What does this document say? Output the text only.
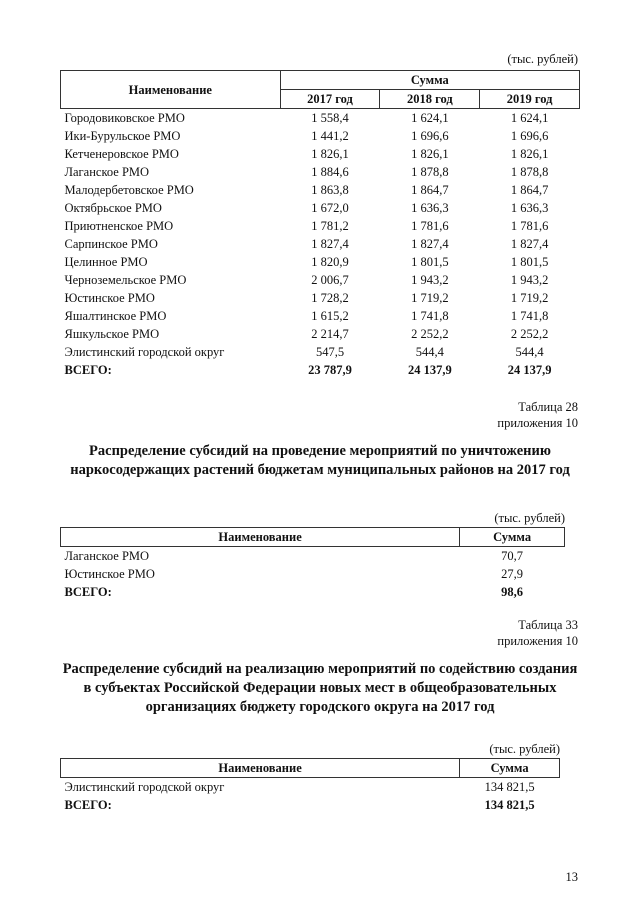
(тыс. рублей)
Наименование	Сумма		
	2017 год	2018 год	2019 год
Городовиковское РМО	1 558,4	1 624,1	1 624,1
Ики-Бурульское РМО	1 441,2	1 696,6	1 696,6
Кетченеровское РМО	1 826,1	1 826,1	1 826,1
Лаганское РМО	1 884,6	1 878,8	1 878,8
Малодербетовское РМО	1 863,8	1 864,7	1 864,7
Октябрьское РМО	1 672,0	1 636,3	1 636,3
Приютненское РМО	1 781,2	1 781,6	1 781,6
Сарпинское РМО	1 827,4	1 827,4	1 827,4
Целинное РМО	1 820,9	1 801,5	1 801,5
Черноземельское РМО	2 006,7	1 943,2	1 943,2
Юстинское РМО	1 728,2	1 719,2	1 719,2
Яшалтинское РМО	1 615,2	1 741,8	1 741,8
Яшкульское РМО	2 214,7	2 252,2	2 252,2
Элистинский городской округ	547,5	544,4	544,4
ВСЕГО:	23 787,9	24 137,9	24 137,9
Таблица 28
приложения 10
Распределение субсидий на проведение мероприятий по уничтожению наркосодержащих растений бюджетам муниципальных районов на 2017 год
(тыс. рублей)
Наименование	Сумма
Лаганское РМО	70,7
Юстинское РМО	27,9
ВСЕГО:	98,6
Таблица 33
приложения 10
Распределение субсидий на реализацию мероприятий по содействию создания в субъектах Российской Федерации новых мест в общеобразовательных организациях бюджету городского округа на 2017 год
(тыс. рублей)
Наименование	Сумма
Элистинский городской округ	134 821,5
ВСЕГО:	134 821,5
13
